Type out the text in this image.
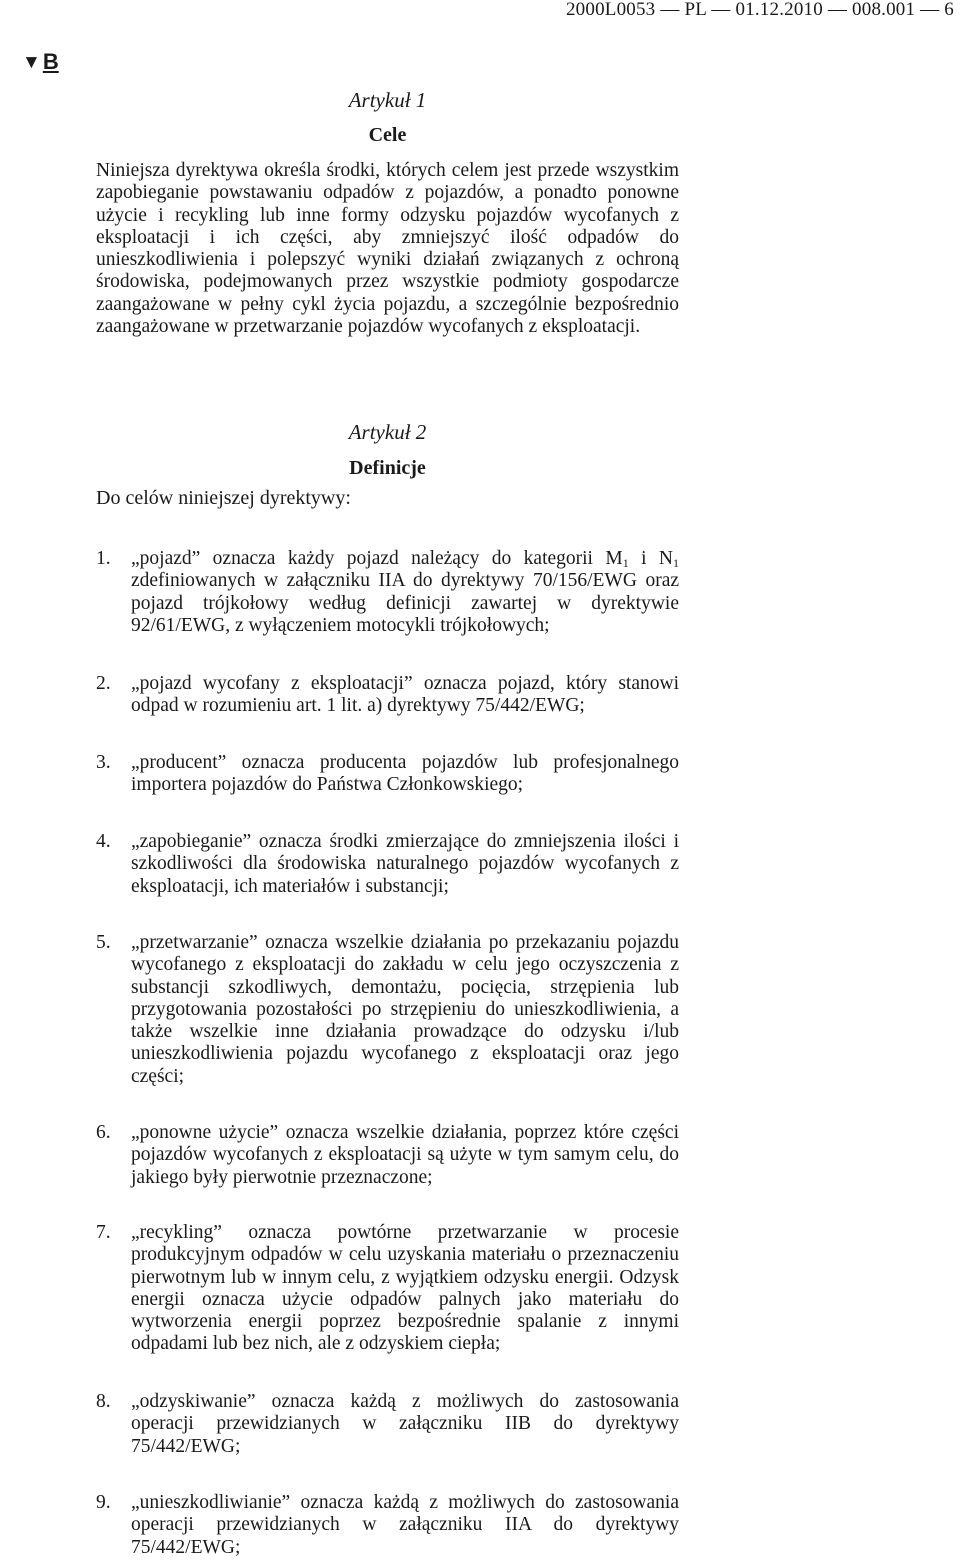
2000L0053 — PL — 01.12.2010 — 008.001 — 6
▼B
Artykuł 1
Cele

Niniejsza dyrektywa określa środki, których celem jest przede wszystkim zapobieganie powstawaniu odpadów z pojazdów, a ponadto ponowne użycie i recykling lub inne formy odzysku pojazdów wycofanych z eksploatacji i ich części, aby zmniejszyć ilość odpadów do unieszkodliwienia i polepszyć wyniki działań związanych z ochroną środowiska, podejmowanych przez wszystkie podmioty gospodarcze zaangażowane w pełny cykl życia pojazdu, a szczególnie bezpośrednio zaangażowane w przetwarzanie pojazdów wycofanych z eksploatacji.

Artykuł 2
Definicje
Do celów niniejszej dyrektywy:
1.	„pojazd” oznacza każdy pojazd należący do kategorii $M_1$ i $N_1$ zdefiniowanych w załączniku IIA do dyrektywy 70/156/EWG oraz pojazd trójkołowy według definicji zawartej w dyrektywie 92/61/EWG, z wyłączeniem motocykli trójkołowych;

2.	„pojazd wycofany z eksploatacji” oznacza pojazd, który stanowi odpad w rozumieniu art. 1 lit. a) dyrektywy 75/442/EWG;

3.	„producent” oznacza producenta pojazdów lub profesjonalnego importera pojazdów do Państwa Członkowskiego;

4.	„zapobieganie” oznacza środki zmierzające do zmniejszenia ilości i szkodliwości dla środowiska naturalnego pojazdów wycofanych z eksploatacji, ich materiałów i substancji;

5.	„przetwarzanie” oznacza wszelkie działania po przekazaniu pojazdu wycofanego z eksploatacji do zakładu w celu jego oczyszczenia z substancji szkodliwych, demontażu, pocięcia, strzępienia lub przygotowania pozostałości po strzępieniu do unieszkodliwienia, a także wszelkie inne działania prowadzące do odzysku i/lub unieszkodliwienia pojazdu wycofanego z eksploatacji oraz jego części;

6.	„ponowne użycie” oznacza wszelkie działania, poprzez które części pojazdów wycofanych z eksploatacji są użyte w tym samym celu, do jakiego były pierwotnie przeznaczone;

7.	„recykling” oznacza powtórne przetwarzanie w procesie produkcyjnym odpadów w celu uzyskania materiału o przeznaczeniu pierwotnym lub w innym celu, z wyjątkiem odzysku energii. Odzysk energii oznacza użycie odpadów palnych jako materiału do wytworzenia energii poprzez bezpośrednie spalanie z innymi odpadami lub bez nich, ale z odzyskiem ciepła;

8.	„odzyskiwanie” oznacza każdą z możliwych do zastosowania operacji przewidzianych w załączniku IIB do dyrektywy 75/442/EWG;

9.	„unieszkodliwianie” oznacza każdą z możliwych do zastosowania operacji przewidzianych w załączniku IIA do dyrektywy 75/442/EWG;
